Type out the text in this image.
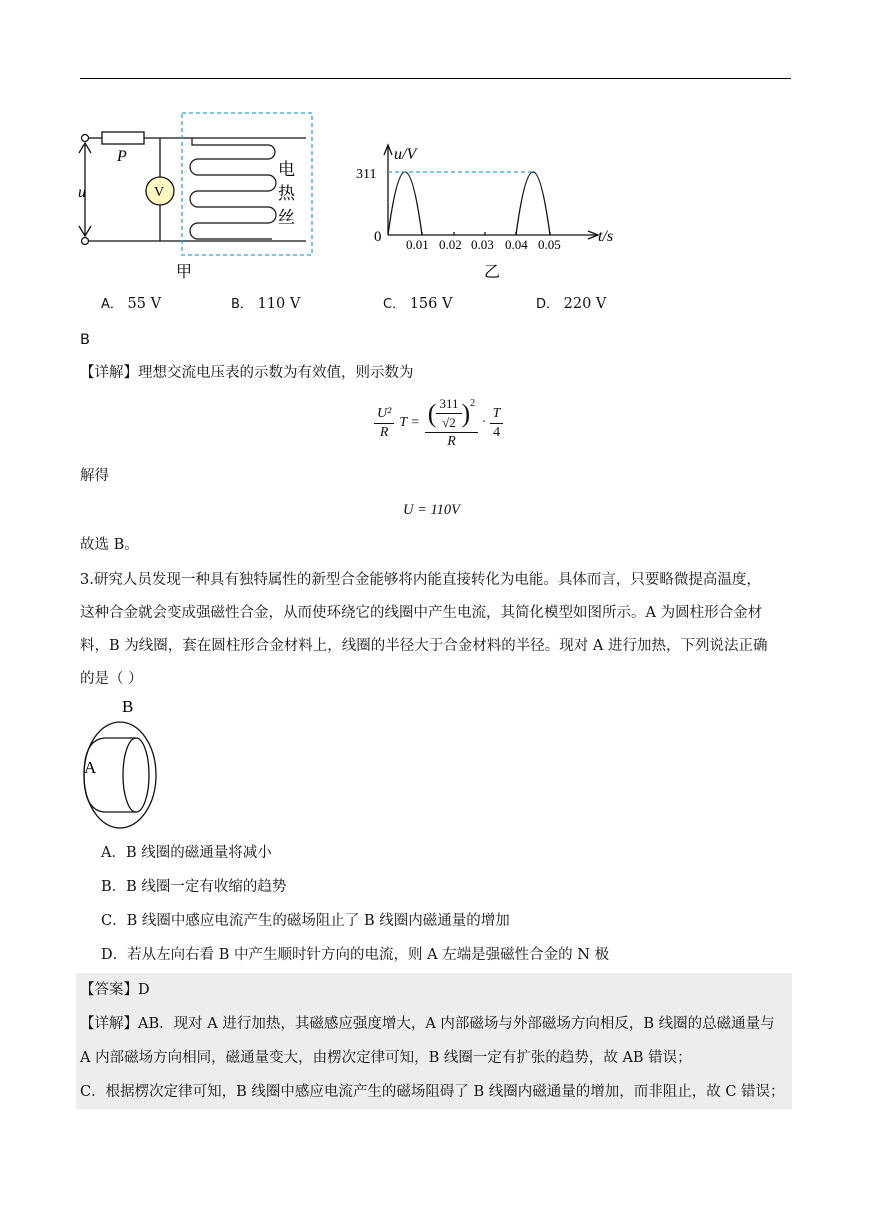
P
u	V
电
热
丝
甲
u/V
311
0 0.01 0.02 0.03 0.04 0.05 t/s
乙
A． 55 V	B． 110 V	C． 156 V	D． 220 V
B
【详解】理想交流电压表的示数为有效值，则示数为
$\frac{\text{U²}}{R}$ $T = \frac{( \frac{311}{√2} )^2}{R} \cdot \frac{T}{4}$
解得
U = 110V
故选 B。
3.研究人员发现一种具有独特属性的新型合金能够将内能直接转化为电能。具体而言，只要略微提高温度，
这种合金就会变成强磁性合金，从而使环绕它的线圈中产生电流，其简化模型如图所示。A 为圆柱形合金材
料，B 为线圈，套在圆柱形合金材料上，线圈的半径大于合金材料的半径。现对 A 进行加热，下列说法正确
的是（ ）
B
A
A．B 线圈的磁通量将减小
B．B 线圈一定有收缩的趋势
C．B 线圈中感应电流产生的磁场阻止了 B 线圈内磁通量的增加
D．若从左向右看 B 中产生顺时针方向的电流，则 A 左端是强磁性合金的 N 极
【答案】D
【详解】AB．现对 A 进行加热，其磁感应强度增大，A 内部磁场与外部磁场方向相反，B 线圈的总磁通量与
A 内部磁场方向相同，磁通量变大，由楞次定律可知，B 线圈一定有扩张的趋势，故 AB 错误；
C．根据楞次定律可知，B 线圈中感应电流产生的磁场阻碍了 B 线圈内磁通量的增加，而非阻止，故 C 错误；
